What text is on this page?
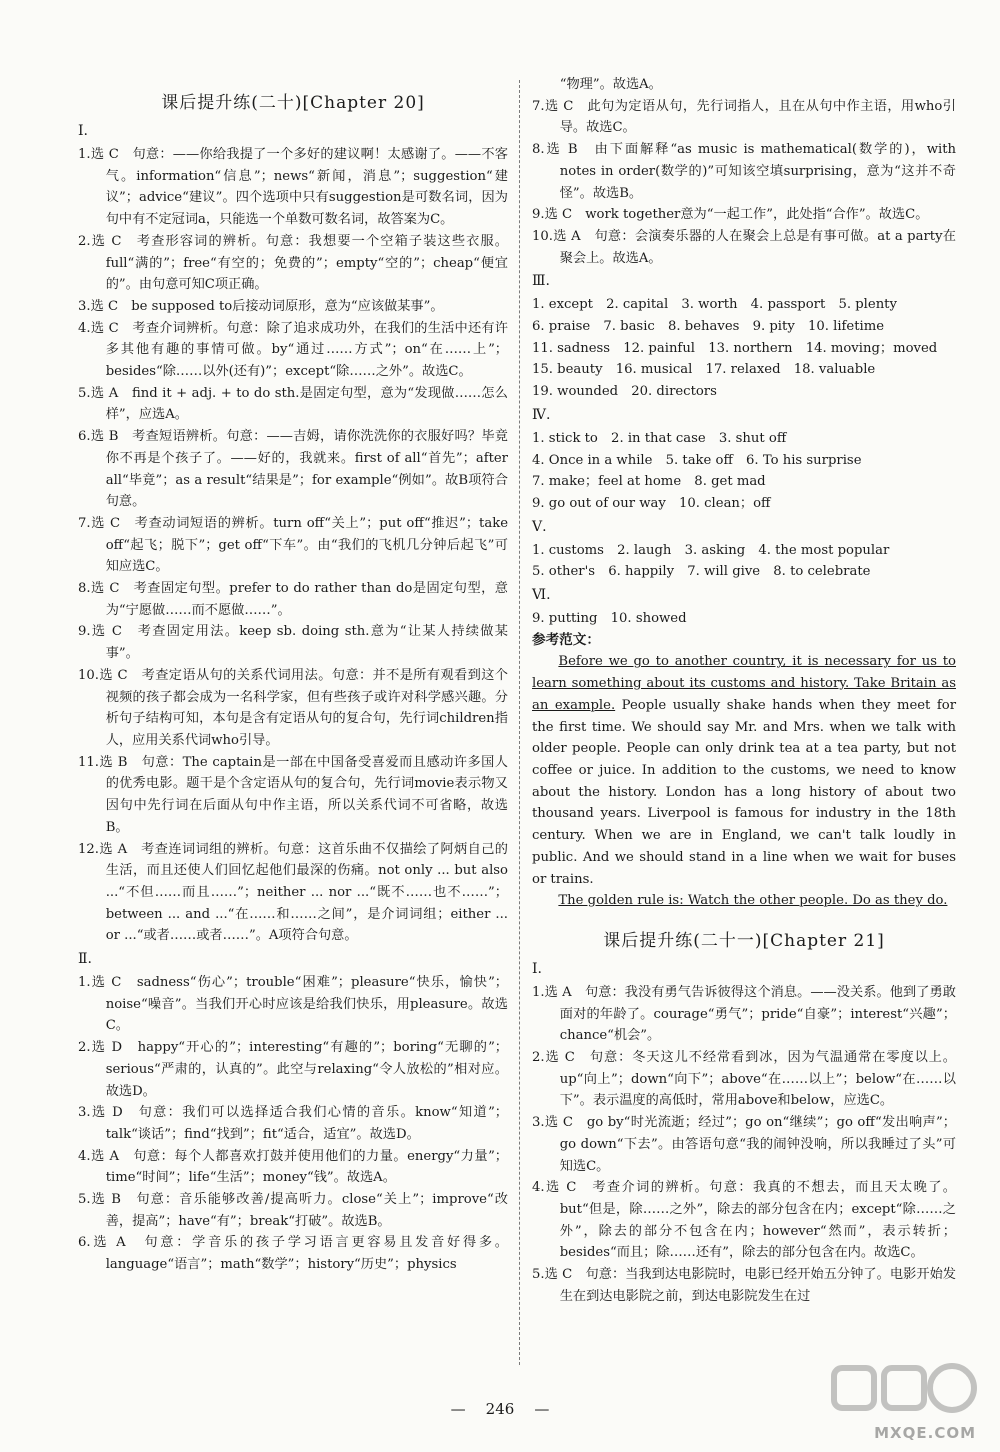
课后提升练(二十)[Chapter 20]
Ⅰ.

1.选 C　句意：——你给我提了一个多好的建议啊！太感谢了。——不客气。information“信息”；news“新闻，消息”；suggestion“建议”；advice“建议”。四个选项中只有suggestion是可数名词，因为句中有不定冠词a，只能选一个单数可数名词，故答案为C。

2.选 C　考查形容词的辨析。句意：我想要一个空箱子装这些衣服。full“满的”；free“有空的；免费的”；empty“空的”；cheap“便宜的”。由句意可知C项正确。

3.选 C　be supposed to后接动词原形，意为“应该做某事”。

4.选 C　考查介词辨析。句意：除了追求成功外，在我们的生活中还有许多其他有趣的事情可做。by“通过……方式”；on“在……上”；besides“除……以外(还有)”；except“除……之外”。故选C。

5.选 A　find it + adj. + to do sth.是固定句型，意为“发现做……怎么样”，应选A。

6.选 B　考查短语辨析。句意：——吉姆，请你洗洗你的衣服好吗？毕竟你不再是个孩子了。——好的，我就来。first of all“首先”；after all“毕竟”；as a result“结果是”；for example“例如”。故B项符合句意。

7.选 C　考查动词短语的辨析。turn off“关上”；put off“推迟”；take off“起飞；脱下”；get off“下车”。由“我们的飞机几分钟后起飞”可知应选C。

8.选 C　考查固定句型。prefer to do rather than do是固定句型，意为“宁愿做……而不愿做……”。

9.选 C　考查固定用法。keep sb. doing sth.意为“让某人持续做某事”。

10.选 C　考查定语从句的关系代词用法。句意：并不是所有观看到这个视频的孩子都会成为一名科学家，但有些孩子或许对科学感兴趣。分析句子结构可知，本句是含有定语从句的复合句，先行词children指人，应用关系代词who引导。

11.选 B　句意：The captain是一部在中国备受喜爱而且感动许多国人的优秀电影。题干是个含定语从句的复合句，先行词movie表示物又因句中先行词在后面从句中作主语，所以关系代词不可省略，故选B。

12.选 A　考查连词词组的辨析。句意：这首乐曲不仅描绘了阿炳自己的生活，而且还使人们回忆起他们最深的伤痛。not only ... but also ...“不但……而且……”；neither ... nor ...“既不……也不……”；between ... and ...“在……和……之间”，是介词词组；either ... or ...“或者……或者……”。A项符合句意。

Ⅱ.

1.选 C　sadness“伤心”；trouble“困难”；pleasure“快乐，愉快”；noise“噪音”。当我们开心时应该是给我们快乐，用pleasure。故选C。

2.选 D　happy“开心的”；interesting“有趣的”；boring“无聊的”；serious“严肃的，认真的”。此空与relaxing“令人放松的”相对应。故选D。

3.选 D　句意：我们可以选择适合我们心情的音乐。know“知道”；talk“谈话”；find“找到”；fit“适合，适宜”。故选D。

4.选 A　句意：每个人都喜欢打鼓并使用他们的力量。energy“力量”；time“时间”；life“生活”；money“钱”。故选A。

5.选 B　句意：音乐能够改善/提高听力。close“关上”；improve“改善，提高”；have“有”；break“打破”。故选B。

6.选 A　句意：学音乐的孩子学习语言更容易且发音好得多。language“语言”；math“数学”；history“历史”；physics

“物理”。故选A。

7.选 C　此句为定语从句，先行词指人，且在从句中作主语，用who引导。故选C。

8.选 B　由下面解释“as music is mathematical(数学的)，with notes in order(数学的)”可知该空填surprising，意为“这并不奇怪”。故选B。

9.选 C　work together意为“一起工作”，此处指“合作”。故选C。

10.选 A　句意：会演奏乐器的人在聚会上总是有事可做。at a party在聚会上。故选A。

Ⅲ.

1. except　2. capital　3. worth　4. passport　5. plenty

6. praise　7. basic　8. behaves　9. pity　10. lifetime

11. sadness　12. painful　13. northern　14. moving；moved

15. beauty　16. musical　17. relaxed　18. valuable

19. wounded　20. directors

Ⅳ.

1. stick to　2. in that case　3. shut off

4. Once in a while　5. take off　6. To his surprise

7. make；feel at home　8. get mad

9. go out of our way　10. clean；off

Ⅴ.

1. customs　2. laugh　3. asking　4. the most popular

5. other's　6. happily　7. will give　8. to celebrate

Ⅵ.

9. putting　10. showed

参考范文：

Before we go to another country, it is necessary for us to learn something about its customs and history. Take Britain as an example. People usually shake hands when they meet for the first time. We should say Mr. and Mrs. when we talk with older people. People can only drink tea at a tea party, but not coffee or juice. In addition to the customs, we need to know about the history. London has a long history of about two thousand years. Liverpool is famous for industry in the 18th century. When we are in England, we can't talk loudly in public. And we should stand in a line when we wait for buses or trains.

The golden rule is: Watch the other people. Do as they do.

课后提升练(二十一)[Chapter 21]
Ⅰ.

1.选 A　句意：我没有勇气告诉彼得这个消息。——没关系。他到了勇敢面对的年龄了。courage“勇气”；pride“自豪”；interest“兴趣”；chance“机会”。

2.选 C　句意：冬天这儿不经常看到冰，因为气温通常在零度以上。up“向上”；down“向下”；above“在……以上”；below“在……以下”。表示温度的高低时，常用above和below，应选C。

3.选 C　go by“时光流逝；经过”；go on“继续”；go off“发出响声”；go down“下去”。由答语句意“我的闹钟没响，所以我睡过了头”可知选C。

4.选 C　考查介词的辨析。句意：我真的不想去，而且天太晚了。but“但是，除……之外”，除去的部分包含在内；except“除……之外”，除去的部分不包含在内；however“然而”，表示转折；besides“而且；除……还有”，除去的部分包含在内。故选C。

5.选 C　句意：当我到达电影院时，电影已经开始五分钟了。电影开始发生在到达电影院之前，到达电影院发生在过

— 246 —
MXQE.COM
